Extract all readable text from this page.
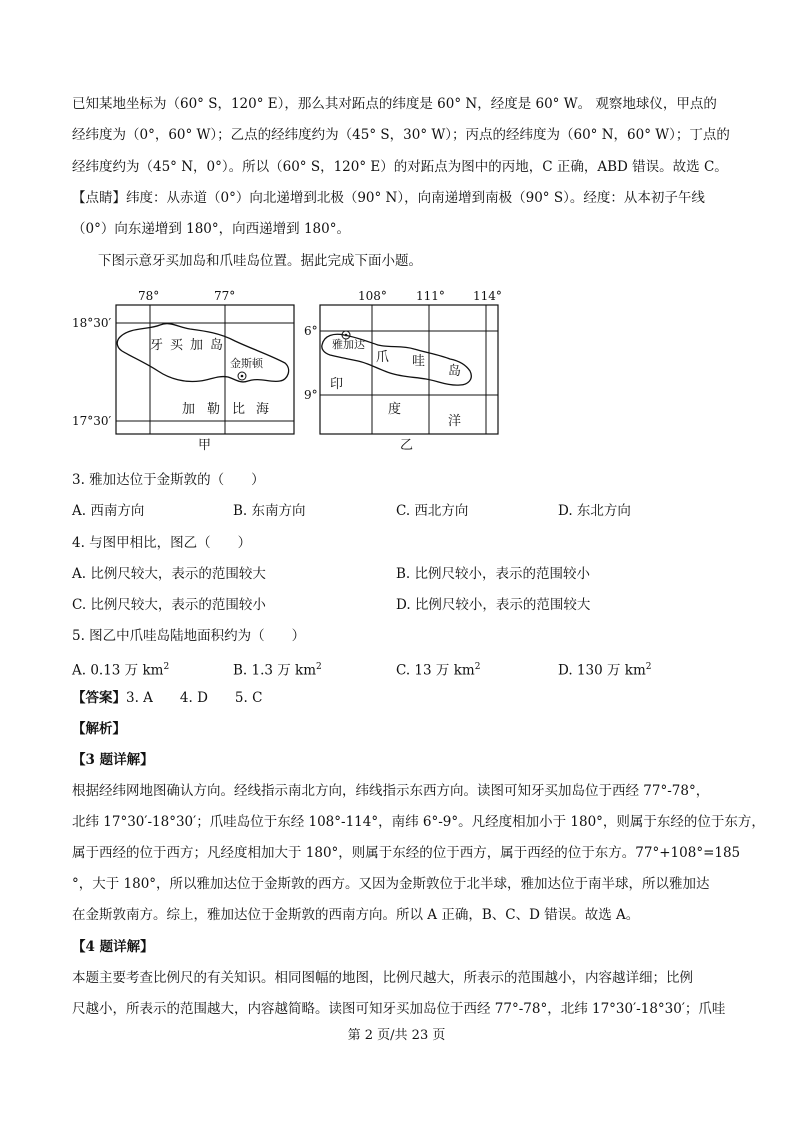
已知某地坐标为（60° S，120° E），那么其对跖点的纬度是 60° N，经度是 60° W。 观察地球仪，甲点的
经纬度为（0°，60° W）；乙点的经纬度约为（45° S，30° W）；丙点的经纬度为（60° N，60° W）；丁点的
经纬度约为（45° N，0°）。所以（60° S，120° E）的对跖点为图中的丙地，C 正确，ABD 错误。故选 C。
【点睛】纬度：从赤道（0°）向北递增到北极（90° N），向南递增到南极（90° S）。经度：从本初子午线
（0°）向东递增到 180°，向西递增到 180°。
下图示意牙买加岛和爪哇岛位置。据此完成下面小题。
78°	77°
18°30′
17°30′
牙 买 加 岛
金斯顿
加 勒 比 海
甲
108° 111° 114°
6°
9°
雅加达
爪 哇
岛
印
度
洋
乙
3. 雅加达位于金斯敦的（　　）
A. 西南方向	B. 东南方向	C. 西北方向	D. 东北方向
4. 与图甲相比，图乙（　　）
A. 比例尺较大，表示的范围较大	B. 比例尺较小，表示的范围较小
C. 比例尺较大，表示的范围较小	D. 比例尺较小，表示的范围较大
5. 图乙中爪哇岛陆地面积约为（　　）
A. 0.13 万 $km^2$	B. 1.3 万 $km^2$	C. 13 万 $km^2$	D. 130 万 $km^2$
【答案】3. A　　4. D　　5. C
【解析】
【3 题详解】
根据经纬网地图确认方向。经线指示南北方向，纬线指示东西方向。读图可知牙买加岛位于西经 77°-78°，
北纬 17°30′-18°30′；爪哇岛位于东经 108°-114°，南纬 6°-9°。凡经度相加小于 180°，则属于东经的位于东方，
属于西经的位于西方；凡经度相加大于 180°，则属于东经的位于西方，属于西经的位于东方。77°+108°=185
°，大于 180°，所以雅加达位于金斯敦的西方。又因为金斯敦位于北半球，雅加达位于南半球，所以雅加达
在金斯敦南方。综上，雅加达位于金斯敦的西南方向。所以 A 正确，B、C、D 错误。故选 A。
【4 题详解】
本题主要考查比例尺的有关知识。相同图幅的地图，比例尺越大，所表示的范围越小，内容越详细；比例
尺越小，所表示的范围越大，内容越简略。读图可知牙买加岛位于西经 77°-78°，北纬 17°30′-18°30′；爪哇
第 2 页/共 23 页
